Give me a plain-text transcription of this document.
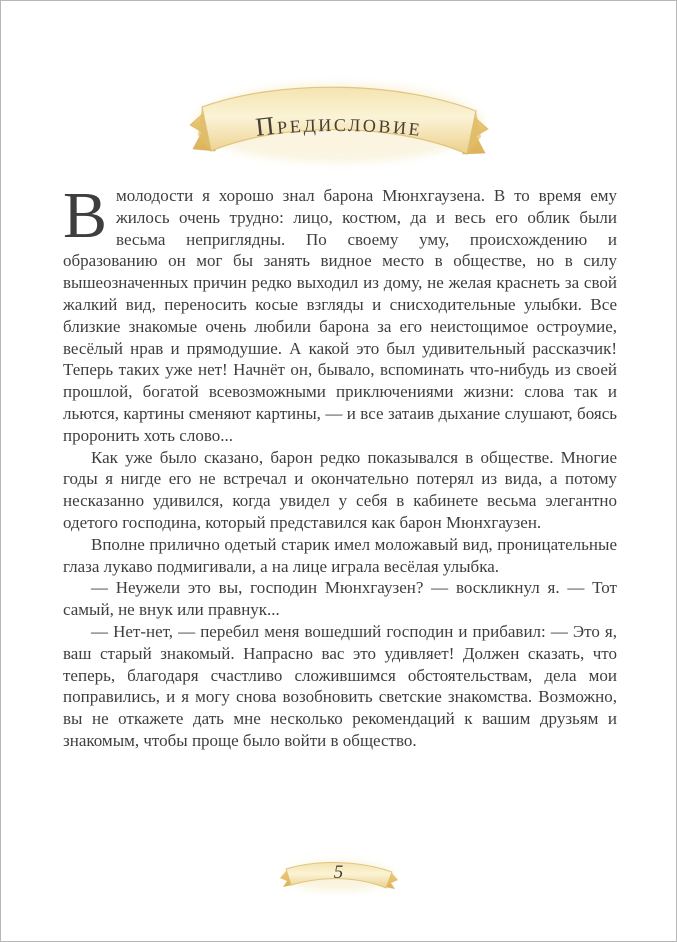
Предисловие

Вмолодости я хорошо знал барона Мюнхгаузена. В то время ему жилось очень трудно: лицо, костюм, да и весь его облик были весьма неприглядны. По своему уму, происхождению и образованию он мог бы занять видное место в обществе, но в силу вышеозначенных причин редко выходил из дому, не желая краснеть за свой жалкий вид, переносить косые взгляды и снисходительные улыбки. Все близкие знакомые очень любили барона за его неистощимое остроумие, весёлый нрав и прямодушие. А какой это был удивительный рассказчик! Теперь таких уже нет! Начнёт он, бывало, вспоминать что-нибудь из своей прошлой, богатой всевозможными приключениями жизни: слова так и льются, картины сменяют картины, — и все затаив дыхание слушают, боясь проронить хоть слово...

Как уже было сказано, барон редко показывался в обществе. Многие годы я нигде его не встречал и окончательно потерял из вида, а потому несказанно удивился, когда увидел у себя в кабинете весьма элегантно одетого господина, который представился как барон Мюнхгаузен.

Вполне прилично одетый старик имел моложавый вид, проницательные глаза лукаво подмигивали, а на лице играла весёлая улыбка.

— Неужели это вы, господин Мюнхгаузен? — воскликнул я. — Тот самый, не внук или правнук...

— Нет-нет, — перебил меня вошедший господин и прибавил: — Это я, ваш старый знакомый. Напрасно вас это удивляет! Должен сказать, что теперь, благодаря счастливо сложившимся обстоятельствам, дела мои поправились, и я могу снова возобновить светские знакомства. Возможно, вы не откажете дать мне несколько рекомендаций к вашим друзьям и знакомым, чтобы проще было войти в общество.

5
